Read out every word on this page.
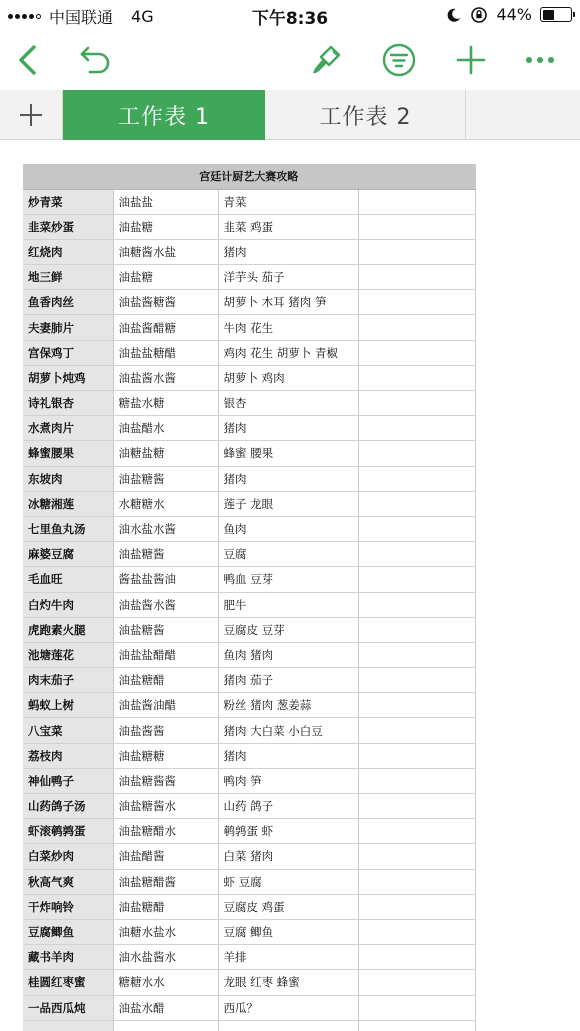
中国联通 4G	下午8:36	44%
工作表 1	工作表 2
宫廷计厨艺大赛攻略			
炒青菜	油盐盐	青菜	
韭菜炒蛋	油盐糖	韭菜 鸡蛋	
红烧肉	油糖酱水盐	猪肉	
地三鲜	油盐糖	洋芋头 茄子	
鱼香肉丝	油盐酱糖酱	胡萝卜 木耳 猪肉 笋	
夫妻肺片	油盐酱醋糖	牛肉 花生	
宫保鸡丁	油盐盐糖醋	鸡肉 花生 胡萝卜 青椒	
胡萝卜炖鸡	油盐酱水酱	胡萝卜 鸡肉	
诗礼银杏	糖盐水糖	银杏	
水煮肉片	油盐醋水	猪肉	
蜂蜜腰果	油糖盐糖	蜂蜜 腰果	
东坡肉	油盐糖酱	猪肉	
冰糖湘莲	水糖糖水	莲子 龙眼	
七里鱼丸汤	油水盐水酱	鱼肉	
麻婆豆腐	油盐糖酱	豆腐	
毛血旺	酱盐盐酱油	鸭血 豆芽	
白灼牛肉	油盐酱水酱	肥牛	
虎跑素火腿	油盐糖酱	豆腐皮 豆芽	
池塘莲花	油盐盐醋醋	鱼肉 猪肉	
肉末茄子	油盐糖醋	猪肉 茄子	
蚂蚁上树	油盐酱油醋	粉丝 猪肉 葱姜蒜	
八宝菜	油盐酱酱	猪肉 大白菜 小白豆	
荔枝肉	油盐糖糖	猪肉	
神仙鸭子	油盐糖酱酱	鸭肉 笋	
山药鸽子汤	油盐糖酱水	山药 鸽子	
虾滚鹌鹑蛋	油盐糖醋水	鹌鹑蛋 虾	
白菜炒肉	油盐醋酱	白菜 猪肉	
秋高气爽	油盐糖醋酱	虾 豆腐	
干炸响铃	油盐糖醋	豆腐皮 鸡蛋	
豆腐鲫鱼	油糖水盐水	豆腐 鲫鱼	
藏书羊肉	油水盐酱水	羊排	
桂圆红枣蜜	糖糖水水	龙眼 红枣 蜂蜜	
一品西瓜炖	油盐水醋	西瓜？	
